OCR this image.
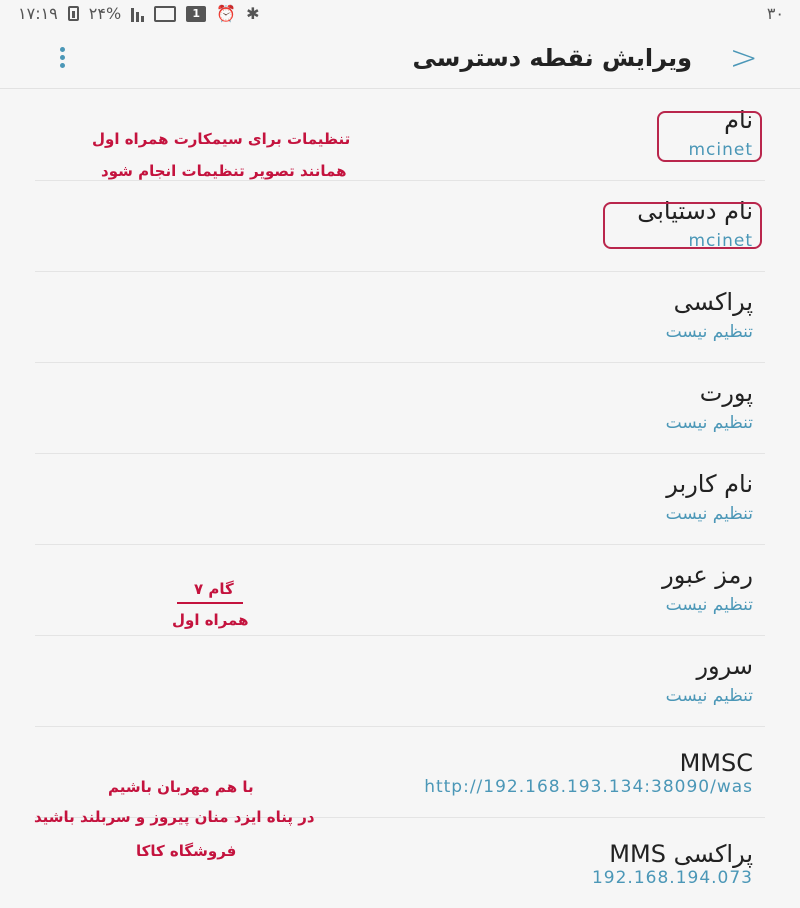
۱۷:۱۹ ۲۴%	1	⏰ ✱	۳۰
ویرایش نقطه دسترسی >
نام
mcinet
نام دستیابی
mcinet
پراکسی
تنظیم نیست
پورت
تنظیم نیست
نام کاربر
تنظیم نیست
رمز عبور
تنظیم نیست
سرور
تنظیم نیست
MMSC
http://192.168.193.134:38090/was
پراکسی MMS
192.168.194.073
تنظیمات برای سیمکارت همراه اول
همانند تصویر تنظیمات انجام شود
گام ۷
همراه اول
با هم مهربان باشیم
در پناه ایزد منان پیروز و سربلند باشید
فروشگاه کاکا
